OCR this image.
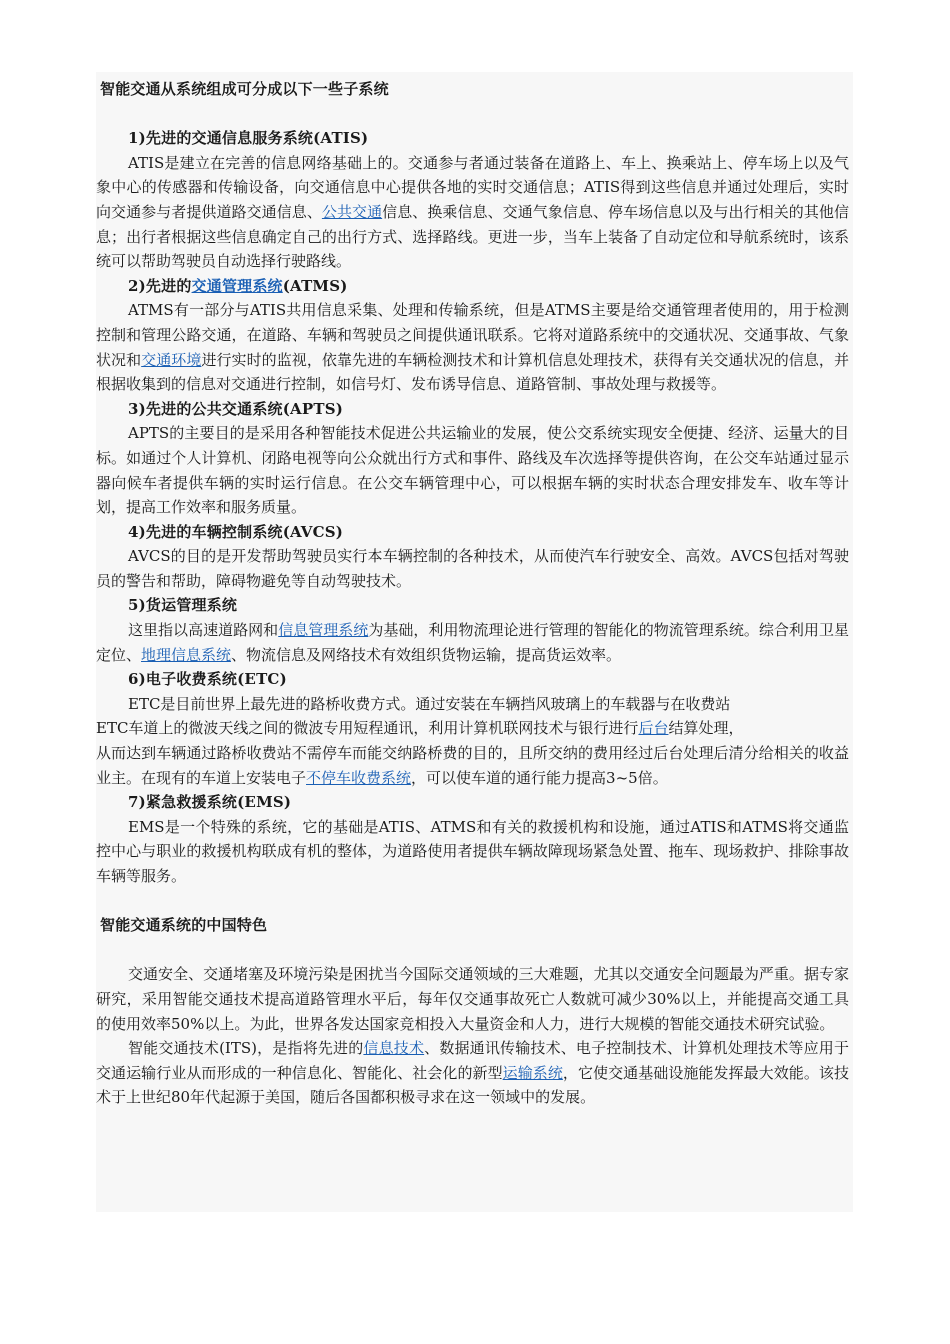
智能交通从系统组成可分成以下一些子系统

1)先进的交通信息服务系统(ATIS)

ATIS是建立在完善的信息网络基础上的。交通参与者通过装备在道路上、车上、换乘站上、停车场上以及气象中心的传感器和传输设备，向交通信息中心提供各地的实时交通信息；ATIS得到这些信息并通过处理后，实时向交通参与者提供道路交通信息、公共交通信息、换乘信息、交通气象信息、停车场信息以及与出行相关的其他信息；出行者根据这些信息确定自己的出行方式、选择路线。更进一步，当车上装备了自动定位和导航系统时，该系统可以帮助驾驶员自动选择行驶路线。

2)先进的交通管理系统(ATMS)

ATMS有一部分与ATIS共用信息采集、处理和传输系统，但是ATMS主要是给交通管理者使用的，用于检测控制和管理公路交通，在道路、车辆和驾驶员之间提供通讯联系。它将对道路系统中的交通状况、交通事故、气象状况和交通环境进行实时的监视，依靠先进的车辆检测技术和计算机信息处理技术，获得有关交通状况的信息，并根据收集到的信息对交通进行控制，如信号灯、发布诱导信息、道路管制、事故处理与救援等。

3)先进的公共交通系统(APTS)

APTS的主要目的是采用各种智能技术促进公共运输业的发展，使公交系统实现安全便捷、经济、运量大的目标。如通过个人计算机、闭路电视等向公众就出行方式和事件、路线及车次选择等提供咨询，在公交车站通过显示器向候车者提供车辆的实时运行信息。在公交车辆管理中心，可以根据车辆的实时状态合理安排发车、收车等计划，提高工作效率和服务质量。

4)先进的车辆控制系统(AVCS)

AVCS的目的是开发帮助驾驶员实行本车辆控制的各种技术，从而使汽车行驶安全、高效。AVCS包括对驾驶员的警告和帮助，障碍物避免等自动驾驶技术。

5)货运管理系统

这里指以高速道路网和信息管理系统为基础，利用物流理论进行管理的智能化的物流管理系统。综合利用卫星定位、地理信息系统、物流信息及网络技术有效组织货物运输，提高货运效率。

6)电子收费系统(ETC)

ETC是目前世界上最先进的路桥收费方式。通过安装在车辆挡风玻璃上的车载器与在收费站

ETC车道上的微波天线之间的微波专用短程通讯，利用计算机联网技术与银行进行后台结算处理，

从而达到车辆通过路桥收费站不需停车而能交纳路桥费的目的，且所交纳的费用经过后台处理后清分给相关的收益业主。在现有的车道上安装电子不停车收费系统，可以使车道的通行能力提高3~5倍。

7)紧急救援系统(EMS)

EMS是一个特殊的系统，它的基础是ATIS、ATMS和有关的救援机构和设施，通过ATIS和ATMS将交通监控中心与职业的救援机构联成有机的整体，为道路使用者提供车辆故障现场紧急处置、拖车、现场救护、排除事故车辆等服务。

智能交通系统的中国特色

交通安全、交通堵塞及环境污染是困扰当今国际交通领域的三大难题，尤其以交通安全问题最为严重。据专家研究，采用智能交通技术提高道路管理水平后，每年仅交通事故死亡人数就可减少30%以上，并能提高交通工具的使用效率50%以上。为此，世界各发达国家竞相投入大量资金和人力，进行大规模的智能交通技术研究试验。

智能交通技术(ITS)，是指将先进的信息技术、数据通讯传输技术、电子控制技术、计算机处理技术等应用于交通运输行业从而形成的一种信息化、智能化、社会化的新型运输系统，它使交通基础设施能发挥最大效能。该技术于上世纪80年代起源于美国，随后各国都积极寻求在这一领域中的发展。
